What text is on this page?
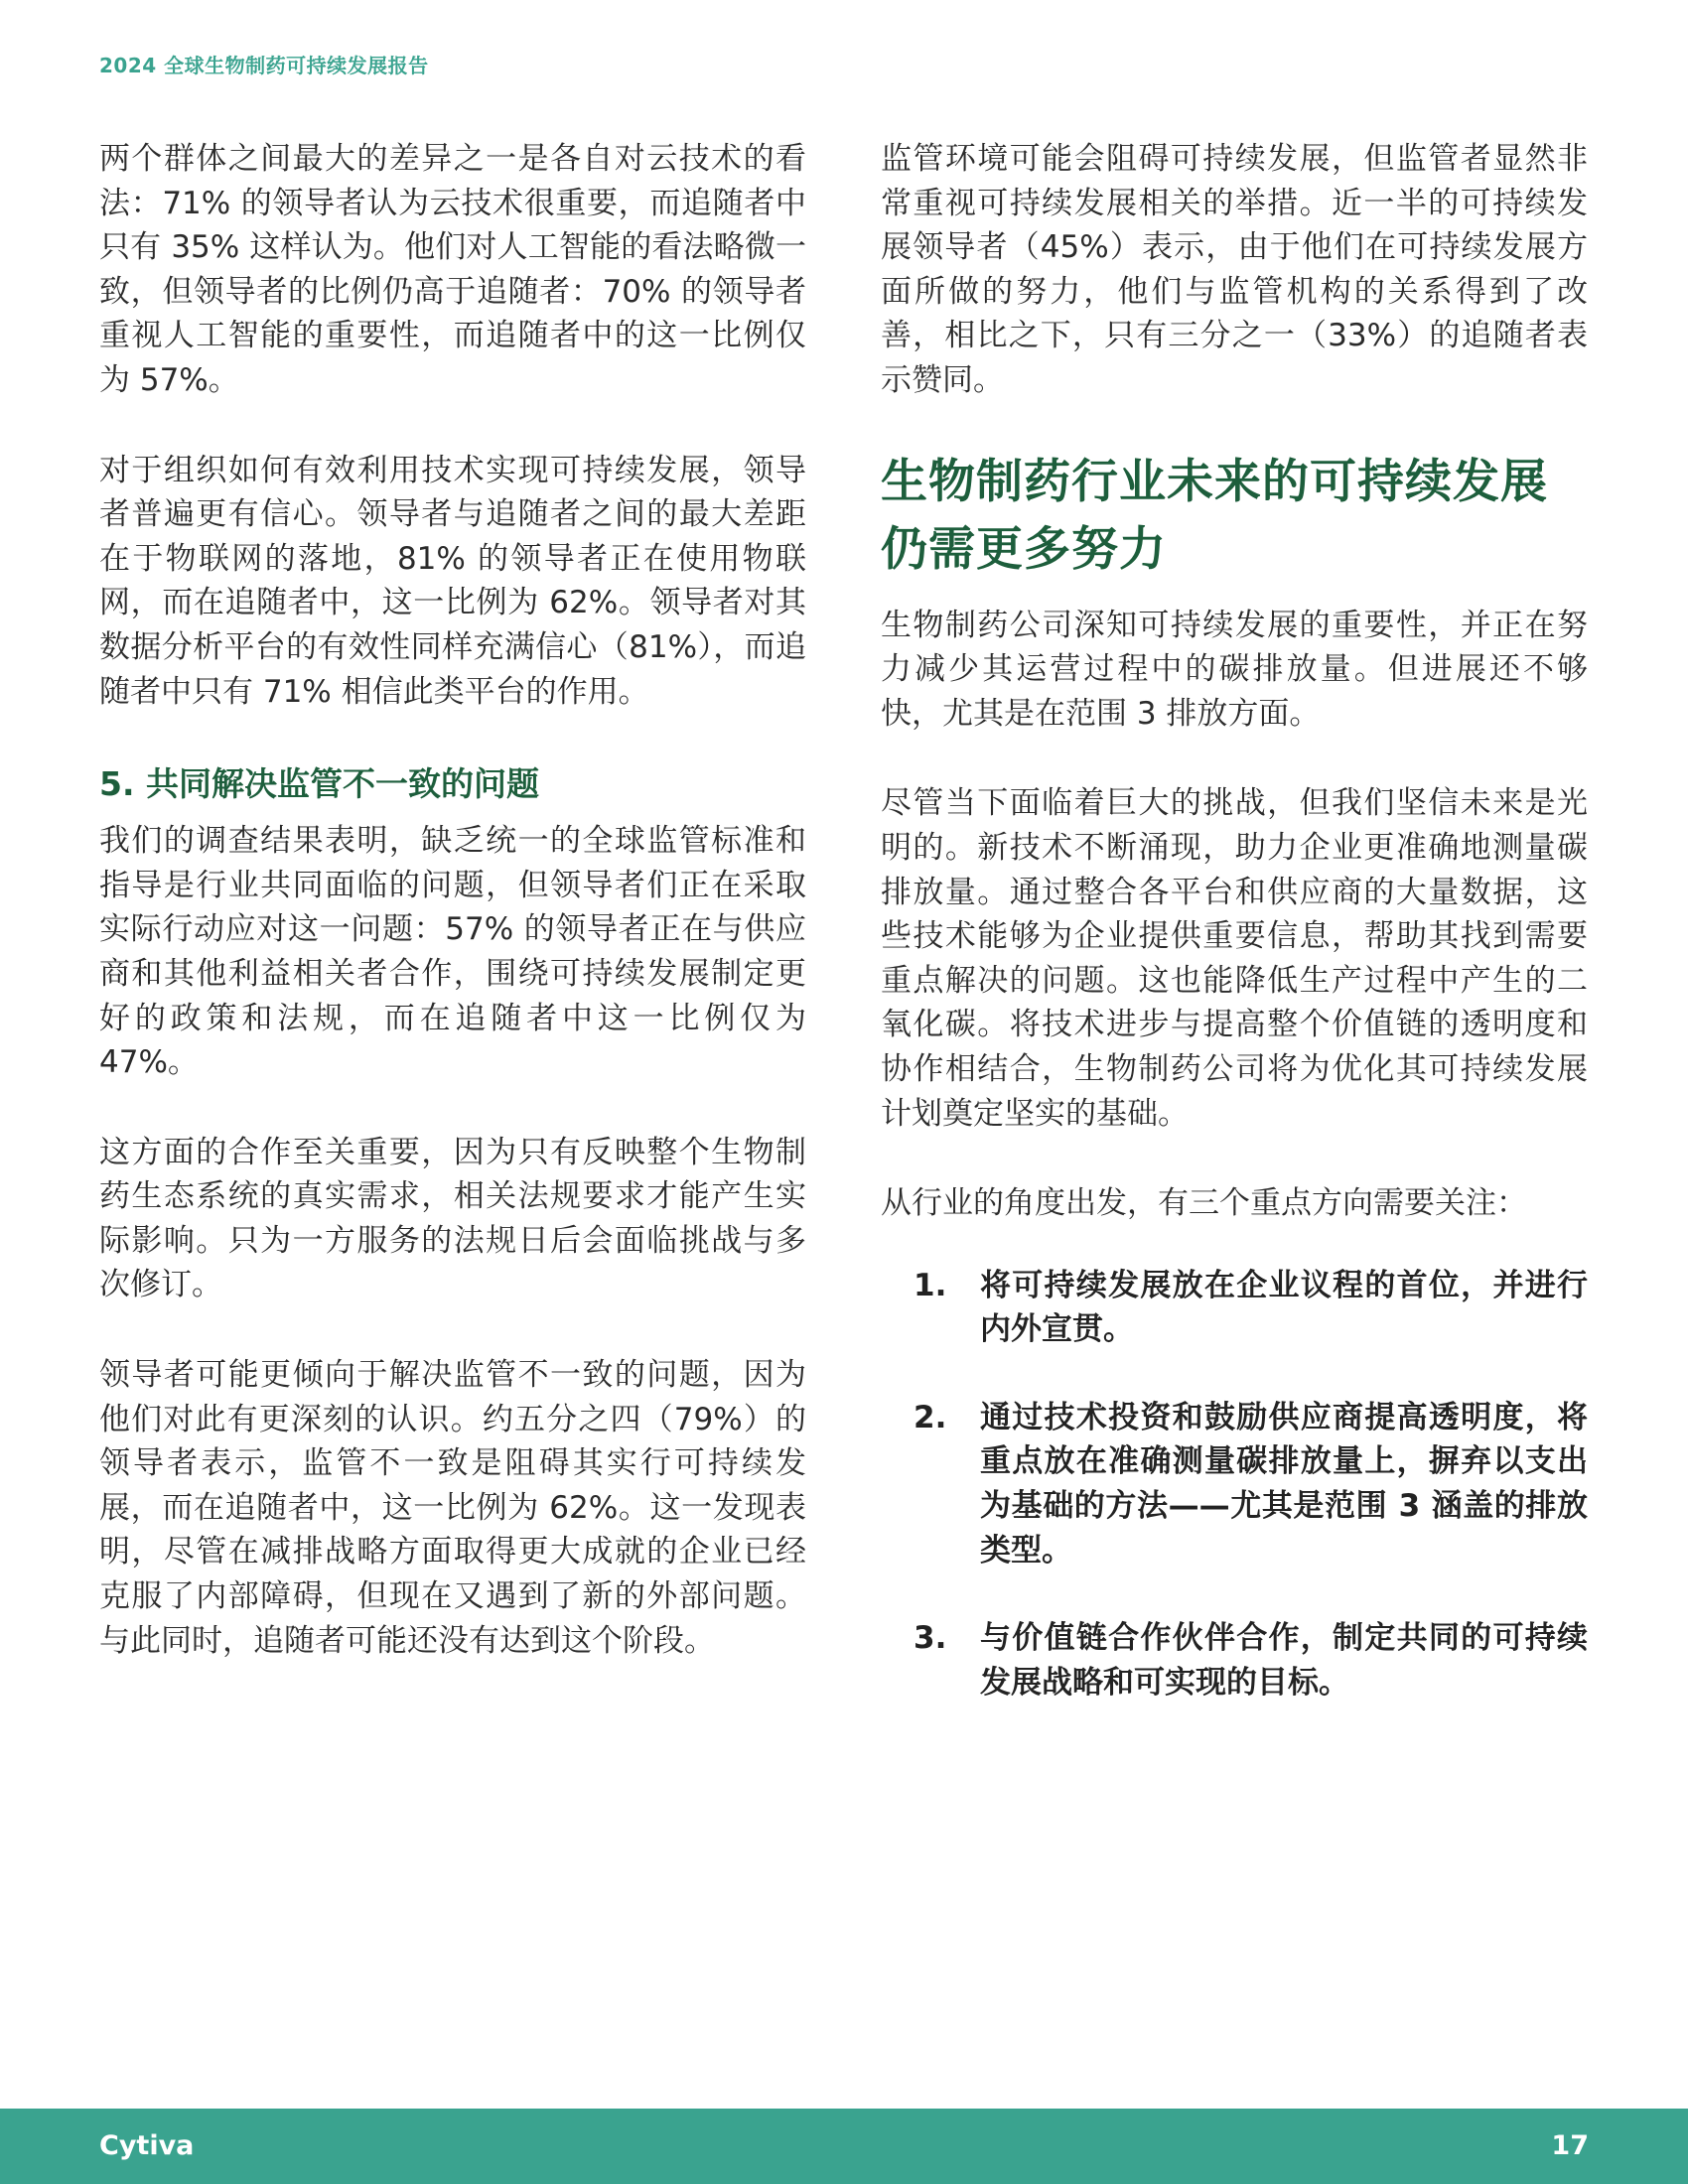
2024 全球生物制药可持续发展报告

两个群体之间最大的差异之一是各自对云技术的看法：71% 的领导者认为云技术很重要，而追随者中只有 35% 这样认为。他们对人工智能的看法略微一致，但领导者的比例仍高于追随者：70% 的领导者重视人工智能的重要性，而追随者中的这一比例仅为 57%。

对于组织如何有效利用技术实现可持续发展，领导者普遍更有信心。领导者与追随者之间的最大差距在于物联网的落地，81% 的领导者正在使用物联网，而在追随者中，这一比例为 62%。领导者对其数据分析平台的有效性同样充满信心（81%），而追随者中只有 71% 相信此类平台的作用。

5. 共同解决监管不一致的问题

我们的调查结果表明，缺乏统一的全球监管标准和指导是行业共同面临的问题，但领导者们正在采取实际行动应对这一问题：57% 的领导者正在与供应商和其他利益相关者合作，围绕可持续发展制定更好的政策和法规，而在追随者中这一比例仅为 47%。

这方面的合作至关重要，因为只有反映整个生物制药生态系统的真实需求，相关法规要求才能产生实际影响。只为一方服务的法规日后会面临挑战与多次修订。

领导者可能更倾向于解决监管不一致的问题，因为他们对此有更深刻的认识。约五分之四（79%）的领导者表示，监管不一致是阻碍其实行可持续发展，而在追随者中，这一比例为 62%。这一发现表明，尽管在减排战略方面取得更大成就的企业已经克服了内部障碍，但现在又遇到了新的外部问题。与此同时，追随者可能还没有达到这个阶段。

监管环境可能会阻碍可持续发展，但监管者显然非常重视可持续发展相关的举措。近一半的可持续发展领导者（45%）表示，由于他们在可持续发展方面所做的努力，他们与监管机构的关系得到了改善，相比之下，只有三分之一（33%）的追随者表示赞同。

生物制药行业未来的可持续发展仍需更多努力

生物制药公司深知可持续发展的重要性，并正在努力减少其运营过程中的碳排放量。但进展还不够快，尤其是在范围 3 排放方面。

尽管当下面临着巨大的挑战，但我们坚信未来是光明的。新技术不断涌现，助力企业更准确地测量碳排放量。通过整合各平台和供应商的大量数据，这些技术能够为企业提供重要信息，帮助其找到需要重点解决的问题。这也能降低生产过程中产生的二氧化碳。将技术进步与提高整个价值链的透明度和协作相结合，生物制药公司将为优化其可持续发展计划奠定坚实的基础。

从行业的角度出发，有三个重点方向需要关注：

1.	将可持续发展放在企业议程的首位，并进行内外宣贯。
2.	通过技术投资和鼓励供应商提高透明度，将重点放在准确测量碳排放量上，摒弃以支出为基础的方法——尤其是范围 3 涵盖的排放类型。
3.	与价值链合作伙伴合作，制定共同的可持续发展战略和可实现的目标。
Cytiva	17
